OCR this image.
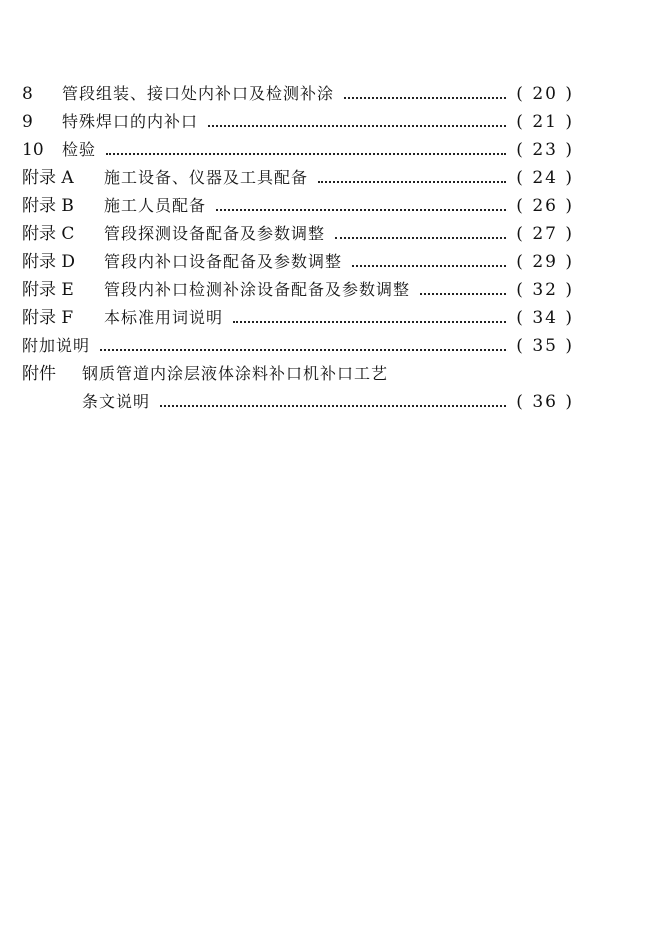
8	管段组装、接口处内补口及检测补涂	( 20 )
9	特殊焊口的内补口	( 21 )
10	检验	( 23 )
附录 A	施工设备、仪器及工具配备	( 24 )
附录 B	施工人员配备	( 26 )
附录 C	管段探测设备配备及参数调整	( 27 )
附录 D	管段内补口设备配备及参数调整	( 29 )
附录 E	管段内补口检测补涂设备配备及参数调整	( 32 )
附录 F	本标准用词说明	( 34 )
附加说明	( 35 )
附件	钢质管道内涂层液体涂料补口机补口工艺
条文说明	( 36 )
